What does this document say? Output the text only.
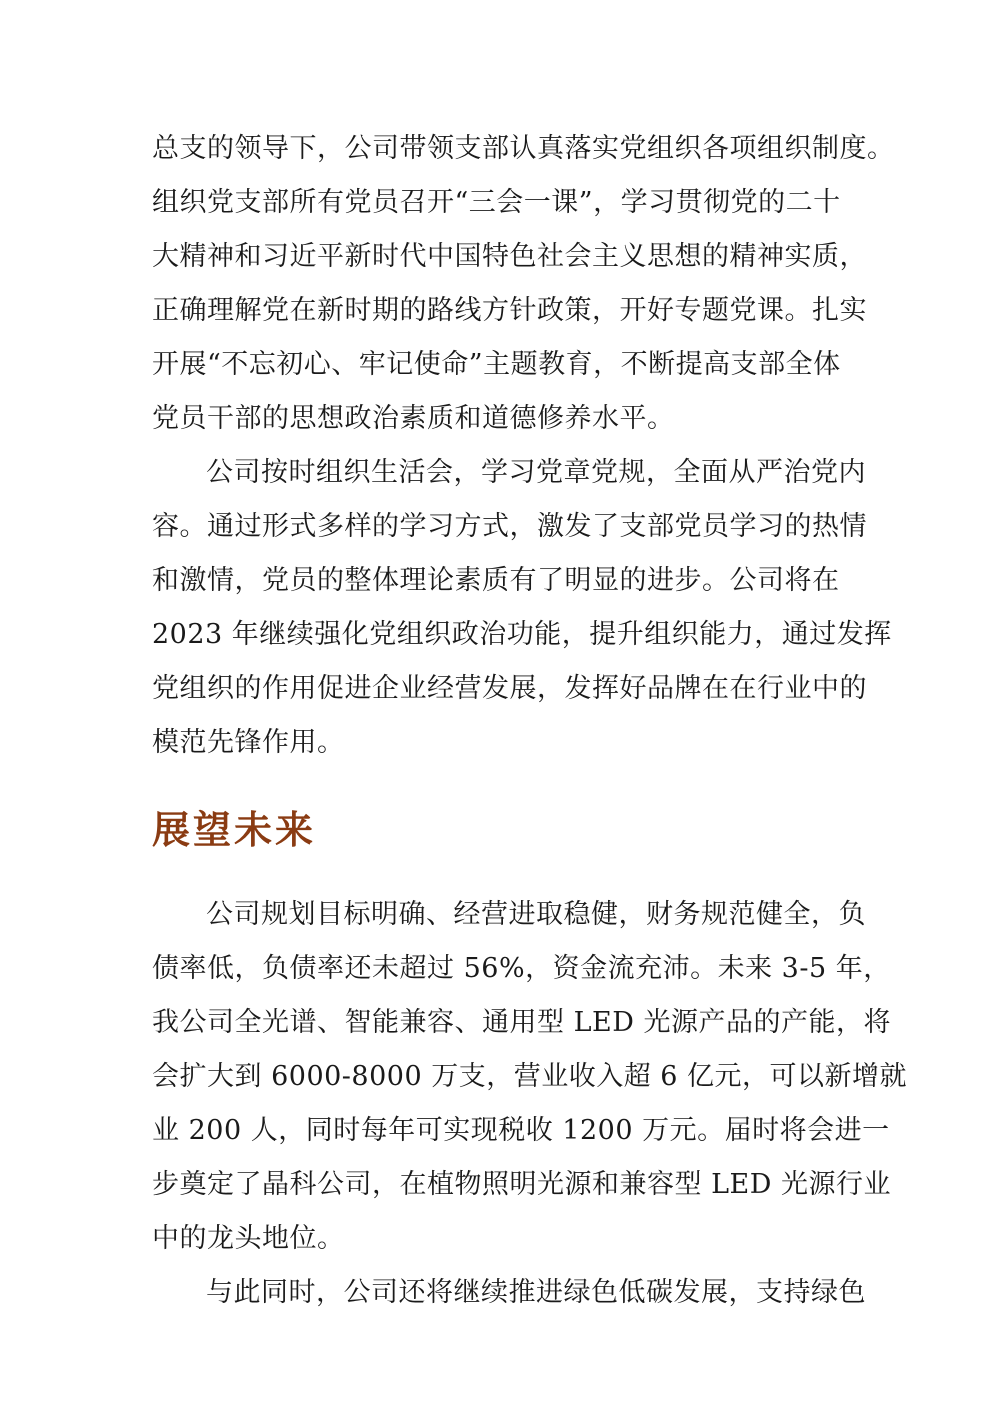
总支的领导下，公司带领支部认真落实党组织各项组织制度。
组织党支部所有党员召开“三会一课”，学习贯彻党的二十
大精神和习近平新时代中国特色社会主义思想的精神实质，
正确理解党在新时期的路线方针政策，开好专题党课。扎实
开展“不忘初心、牢记使命”主题教育，不断提高支部全体
党员干部的思想政治素质和道德修养水平。
公司按时组织生活会，学习党章党规，全面从严治党内
容。通过形式多样的学习方式，激发了支部党员学习的热情
和激情，党员的整体理论素质有了明显的进步。公司将在
2023 年继续强化党组织政治功能，提升组织能力，通过发挥
党组织的作用促进企业经营发展，发挥好品牌在在行业中的
模范先锋作用。
展望未来
公司规划目标明确、经营进取稳健，财务规范健全，负
债率低，负债率还未超过 56%，资金流充沛。未来 3-5 年，
我公司全光谱、智能兼容、通用型 LED 光源产品的产能，将
会扩大到 6000-8000 万支，营业收入超 6 亿元，可以新增就
业 200 人，同时每年可实现税收 1200 万元。届时将会进一
步奠定了晶科公司，在植物照明光源和兼容型 LED 光源行业
中的龙头地位。
与此同时，公司还将继续推进绿色低碳发展，支持绿色
